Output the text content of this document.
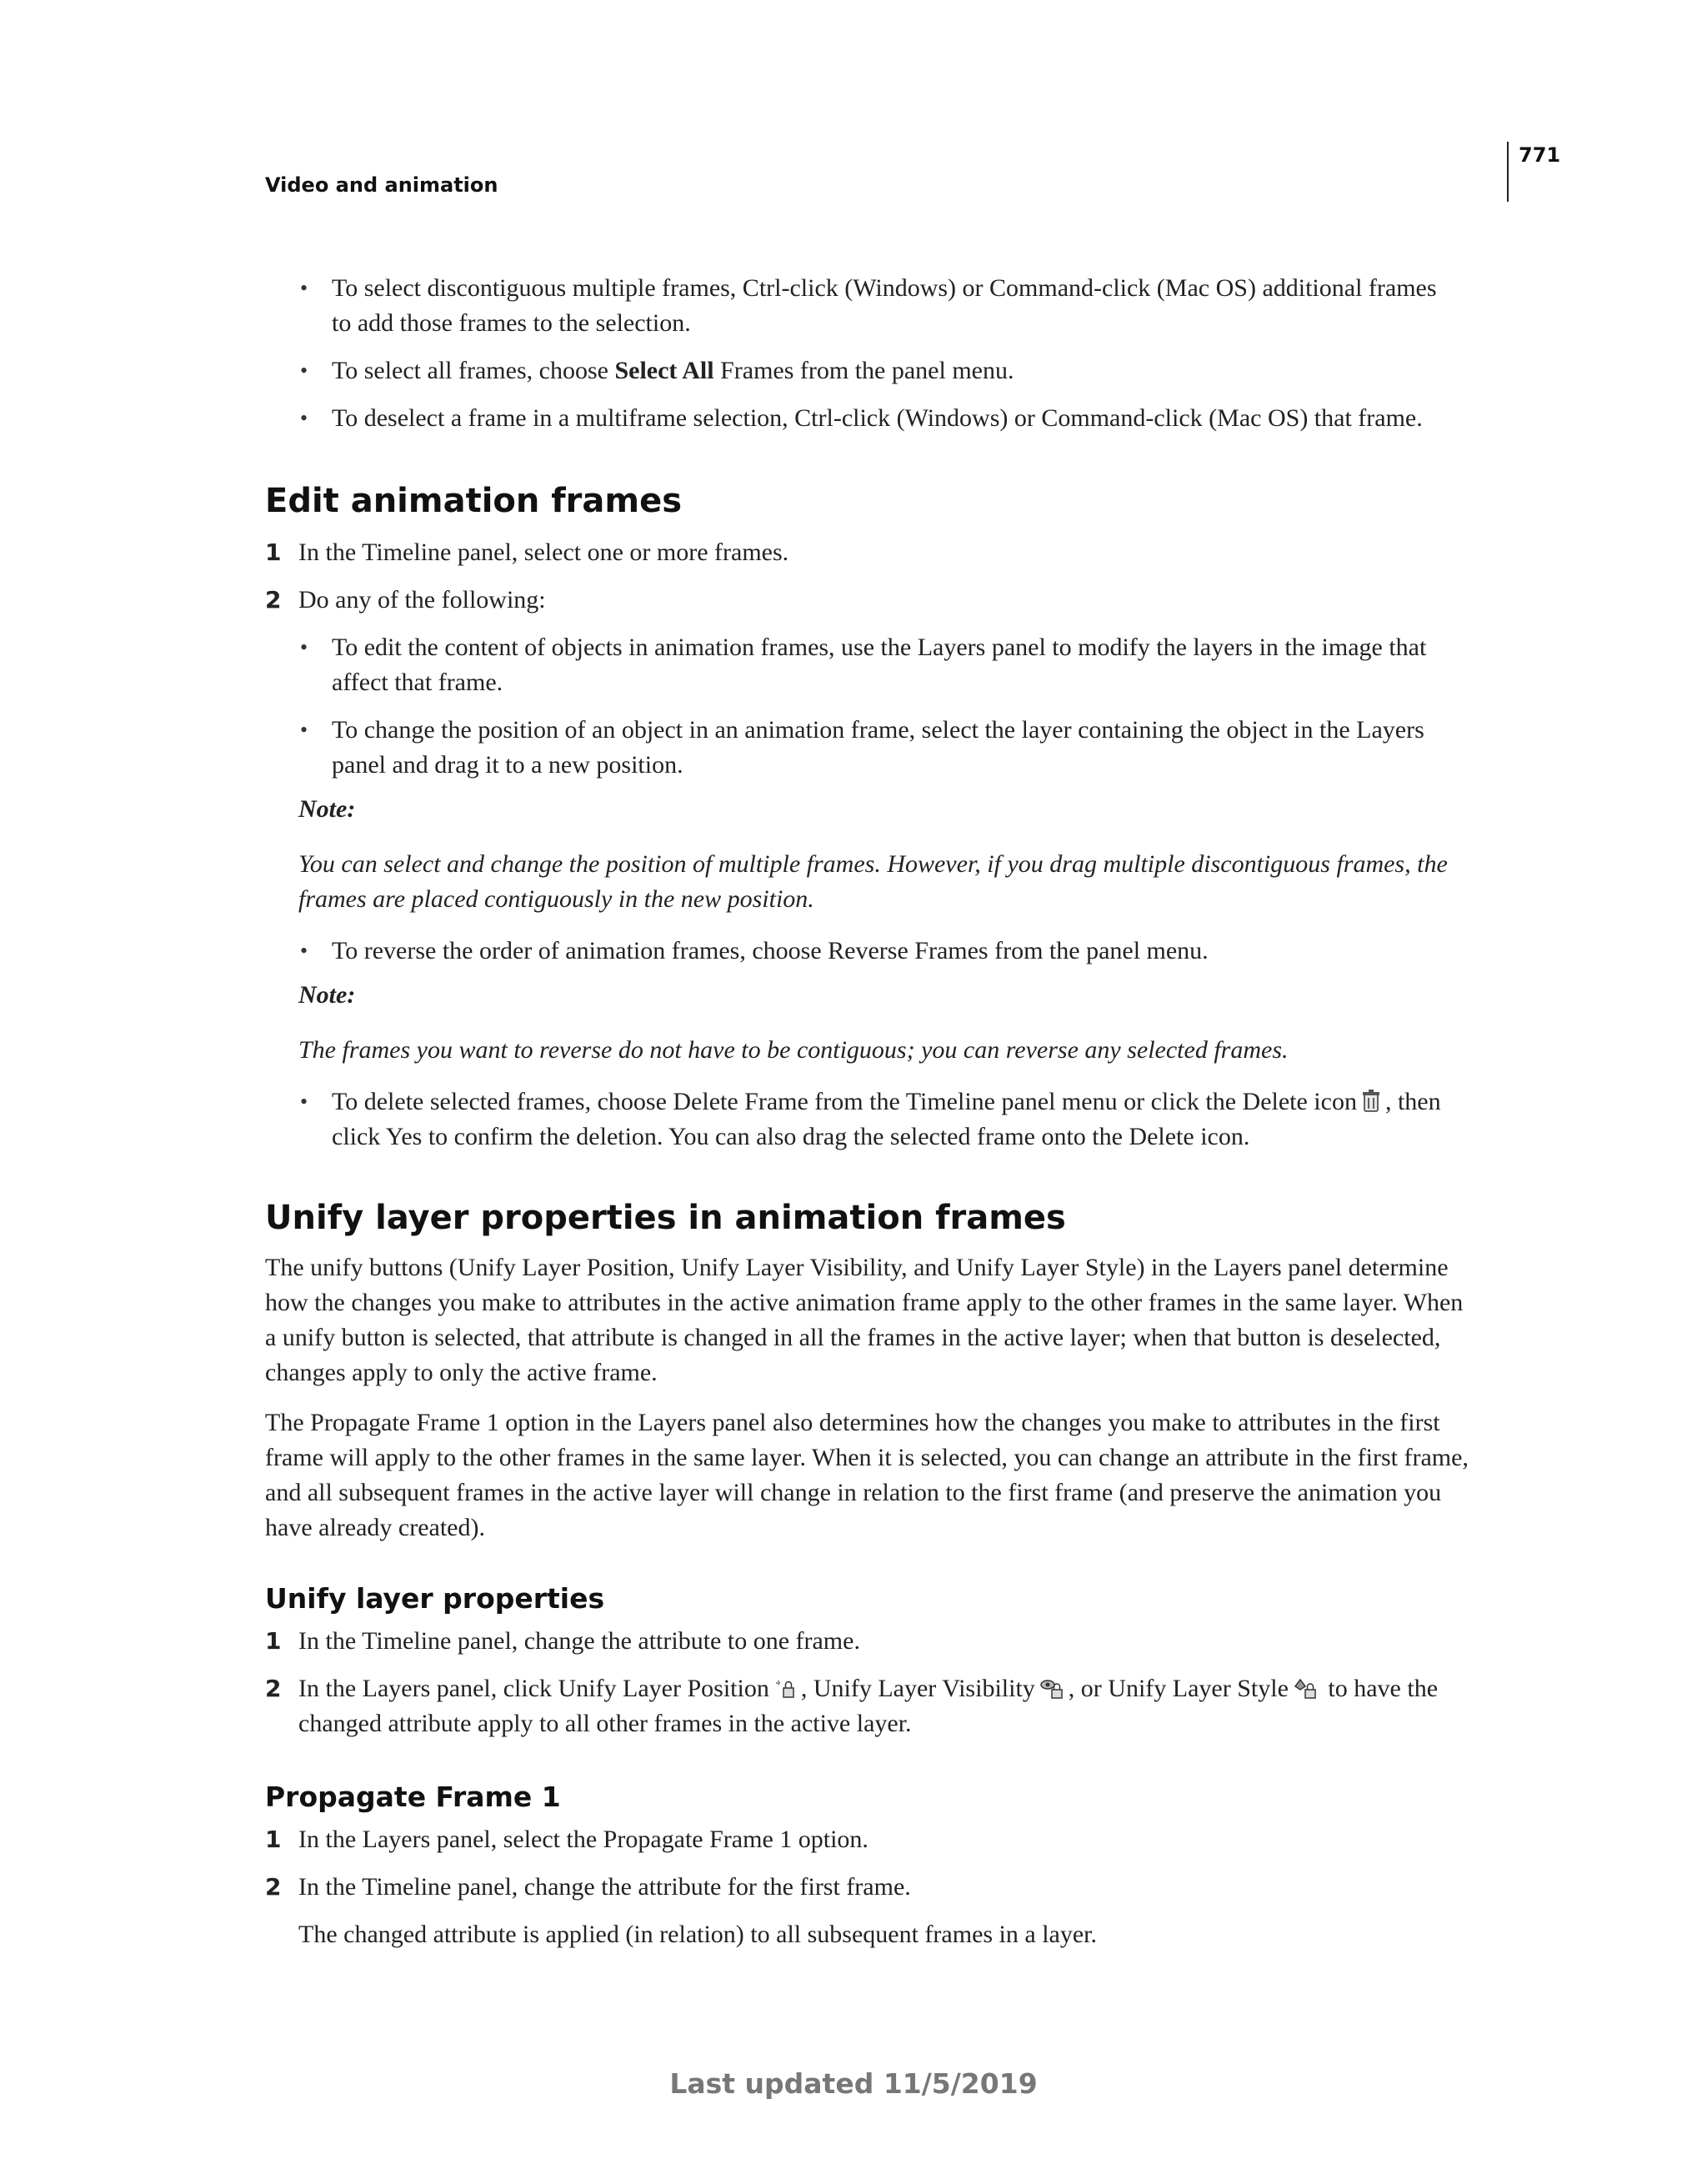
Video and animation
771
• To select discontiguous multiple frames, Ctrl-click (Windows) or Command-click (Mac OS) additional frames
to add those frames to the selection.
• To select all frames, choose Select All Frames from the panel menu.
• To deselect a frame in a multiframe selection, Ctrl-click (Windows) or Command-click (Mac OS) that frame.
Edit animation frames
1 In the Timeline panel, select one or more frames.
2 Do any of the following:
• To edit the content of objects in animation frames, use the Layers panel to modify the layers in the image that
affect that frame.
• To change the position of an object in an animation frame, select the layer containing the object in the Layers
panel and drag it to a new position.
Note:
You can select and change the position of multiple frames. However, if you drag multiple discontiguous frames, the
frames are placed contiguously in the new position.
• To reverse the order of animation frames, choose Reverse Frames from the panel menu.
Note:
The frames you want to reverse do not have to be contiguous; you can reverse any selected frames.
• To delete selected frames, choose Delete Frame from the Timeline panel menu or click the Delete icon , then
click Yes to confirm the deletion. You can also drag the selected frame onto the Delete icon.
Unify layer properties in animation frames
The unify buttons (Unify Layer Position, Unify Layer Visibility, and Unify Layer Style) in the Layers panel determine
how the changes you make to attributes in the active animation frame apply to the other frames in the same layer. When
a unify button is selected, that attribute is changed in all the frames in the active layer; when that button is deselected,
changes apply to only the active frame.
The Propagate Frame 1 option in the Layers panel also determines how the changes you make to attributes in the first
frame will apply to the other frames in the same layer. When it is selected, you can change an attribute in the first frame,
and all subsequent frames in the active layer will change in relation to the first frame (and preserve the animation you
have already created).
Unify layer properties
1 In the Timeline panel, change the attribute to one frame.
2 In the Layers panel, click Unify Layer Position , Unify Layer Visibility , or Unify Layer Style to have the
changed attribute apply to all other frames in the active layer.
Propagate Frame 1
1 In the Layers panel, select the Propagate Frame 1 option.
2 In the Timeline panel, change the attribute for the first frame.
The changed attribute is applied (in relation) to all subsequent frames in a layer.
Last updated 11/5/2019
